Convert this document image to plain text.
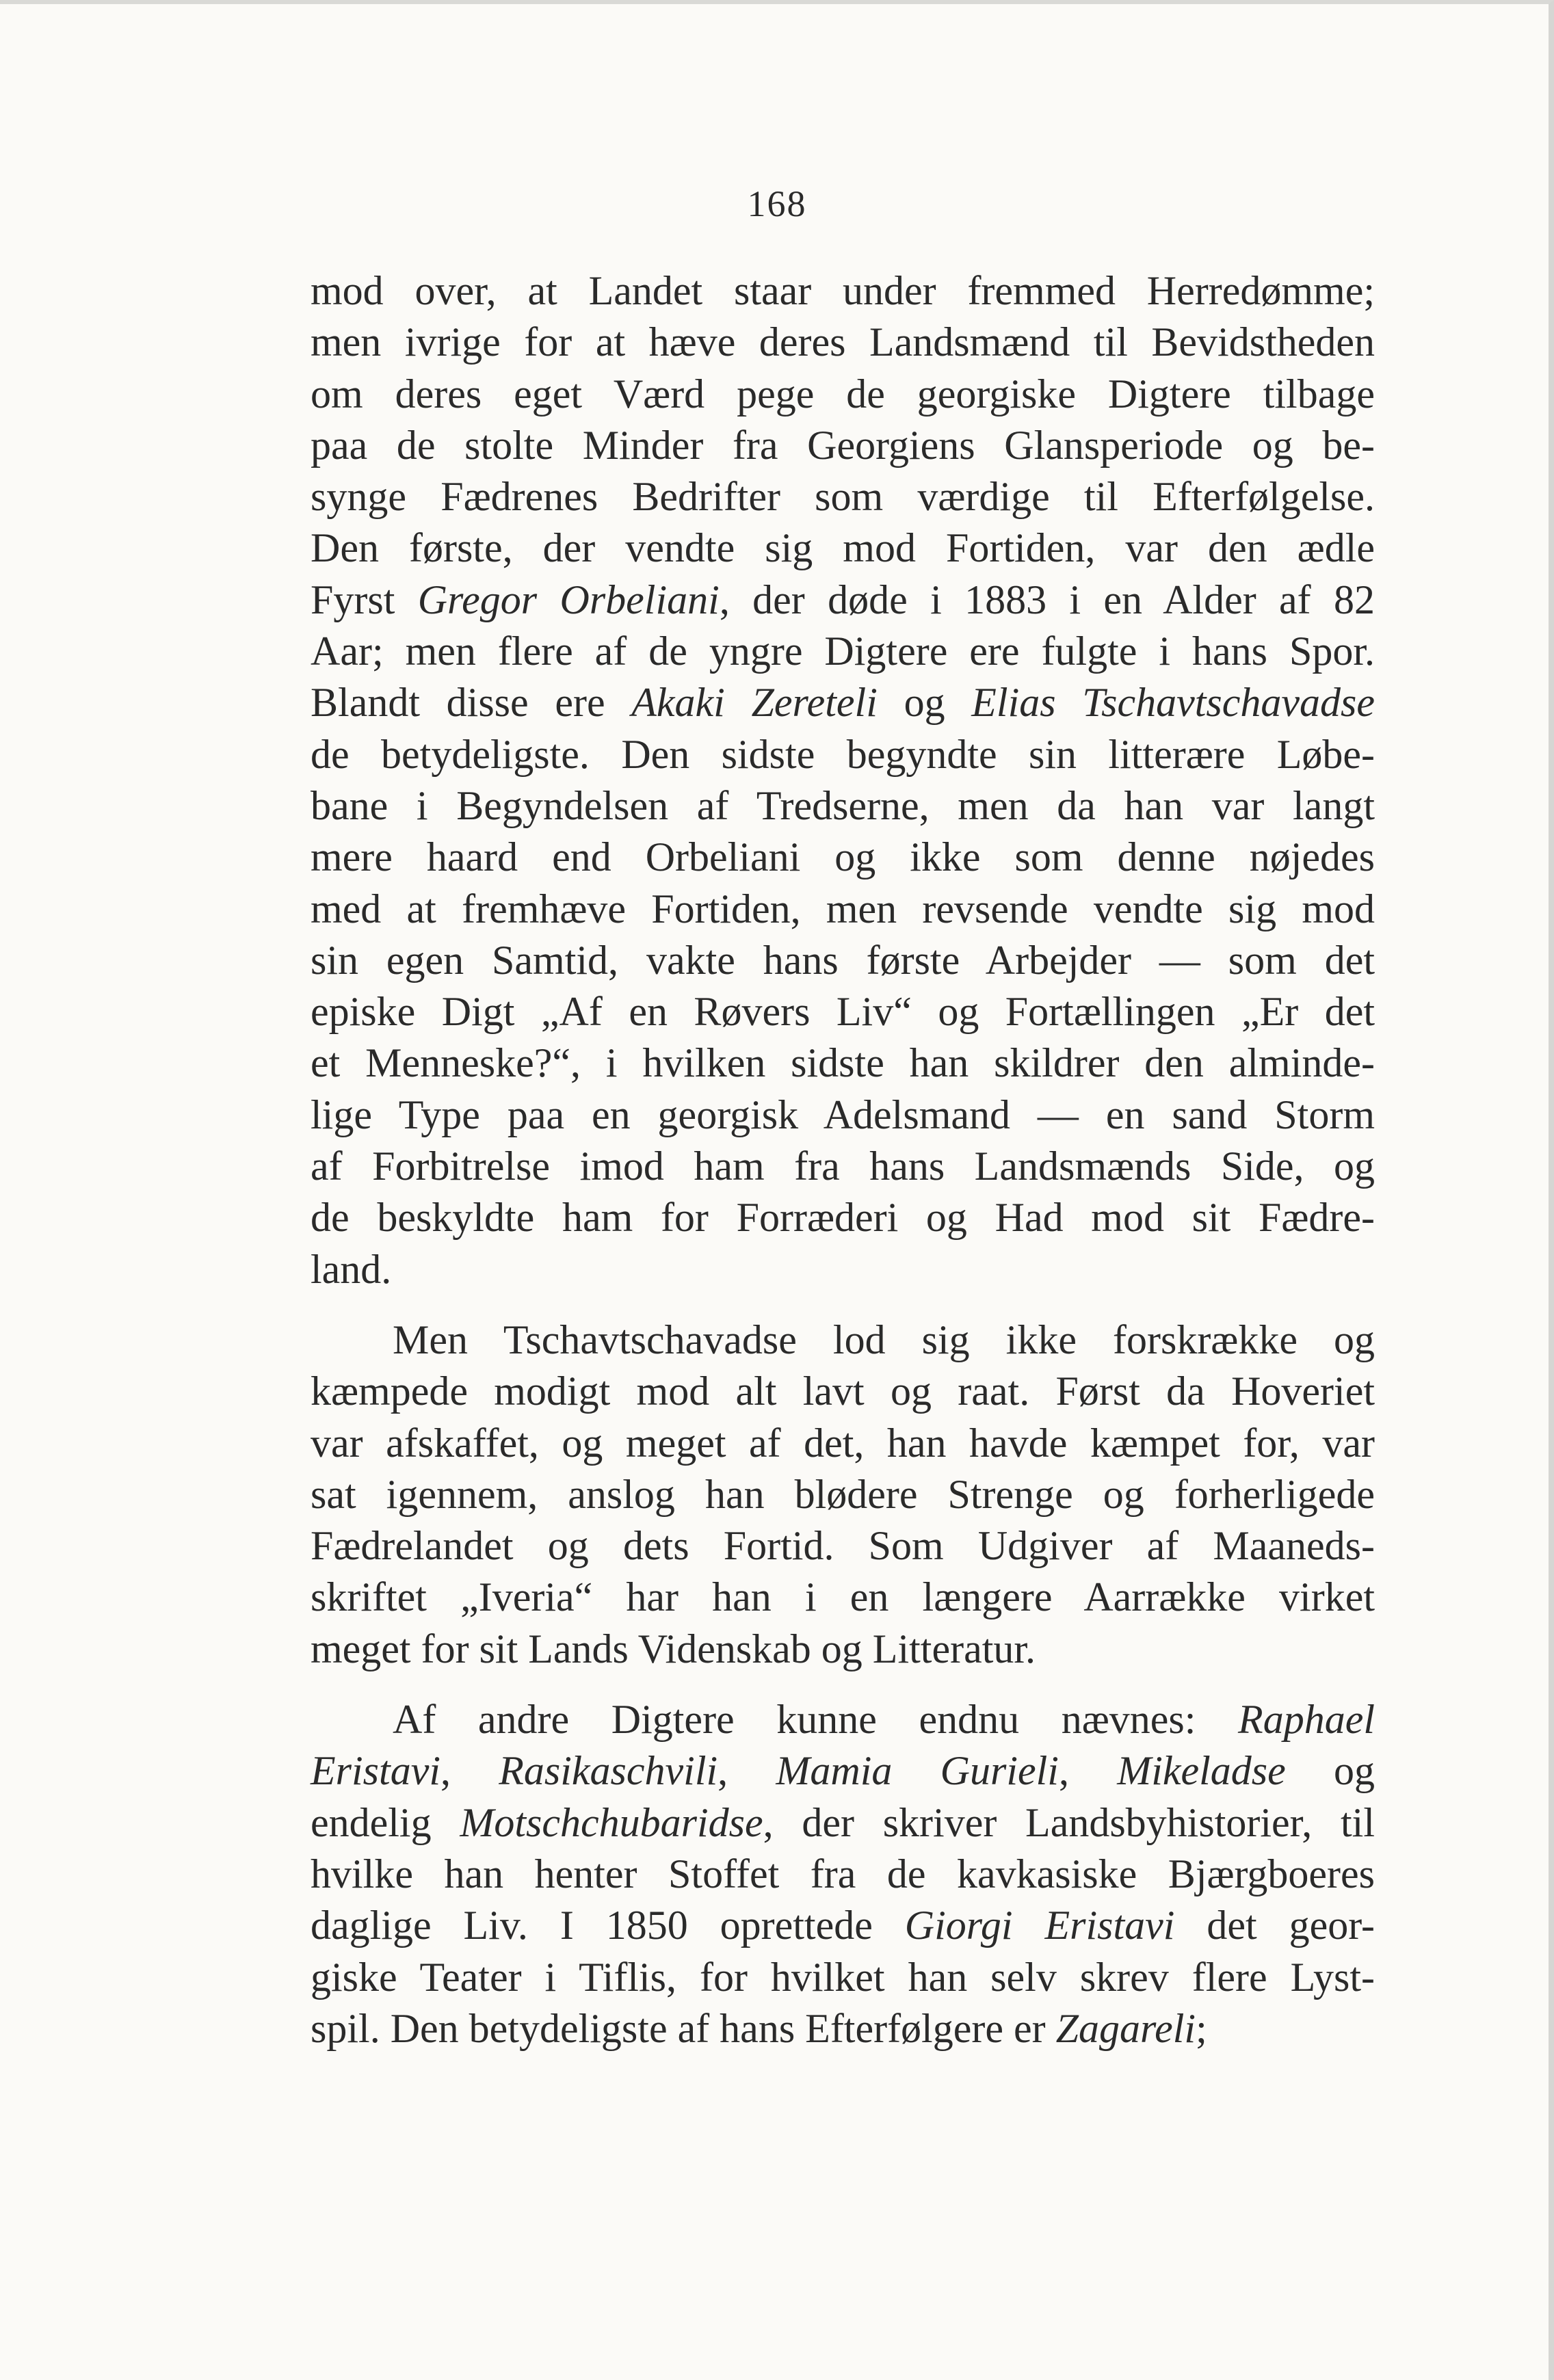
168
mod over, at Landet staar under fremmed Herredømme;
men ivrige for at hæve deres Landsmænd til Bevidstheden
om deres eget Værd pege de georgiske Digtere tilbage
paa de stolte Minder fra Georgiens Glansperiode og be-
synge Fædrenes Bedrifter som værdige til Efterfølgelse.
Den første, der vendte sig mod Fortiden, var den ædle
Fyrst Gregor Orbeliani, der døde i 1883 i en Alder af 82
Aar; men flere af de yngre Digtere ere fulgte i hans Spor.
Blandt disse ere Akaki Zereteli og Elias Tschavtschavadse
de betydeligste. Den sidste begyndte sin litterære Løbe-
bane i Begyndelsen af Tredserne, men da han var langt
mere haard end Orbeliani og ikke som denne nøjedes
med at fremhæve Fortiden, men revsende vendte sig mod
sin egen Samtid, vakte hans første Arbejder — som det
episke Digt „Af en Røvers Liv“ og Fortællingen „Er det
et Menneske?“, i hvilken sidste han skildrer den alminde-
lige Type paa en georgisk Adelsmand — en sand Storm
af Forbitrelse imod ham fra hans Landsmænds Side, og
de beskyldte ham for Forræderi og Had mod sit Fædre-
land.
Men Tschavtschavadse lod sig ikke forskrække og
kæmpede modigt mod alt lavt og raat. Først da Hoveriet
var afskaffet, og meget af det, han havde kæmpet for, var
sat igennem, anslog han blødere Strenge og forherligede
Fædrelandet og dets Fortid. Som Udgiver af Maaneds-
skriftet „Iveria“ har han i en længere Aarrække virket
meget for sit Lands Videnskab og Litteratur.
Af andre Digtere kunne endnu nævnes: Raphael
Eristavi, Rasikaschvili, Mamia Gurieli, Mikeladse og
endelig Motschchubaridse, der skriver Landsbyhistorier, til
hvilke han henter Stoffet fra de kavkasiske Bjærgboeres
daglige Liv. I 1850 oprettede Giorgi Eristavi det geor-
giske Teater i Tiflis, for hvilket han selv skrev flere Lyst-
spil. Den betydeligste af hans Efterfølgere er Zagareli;
